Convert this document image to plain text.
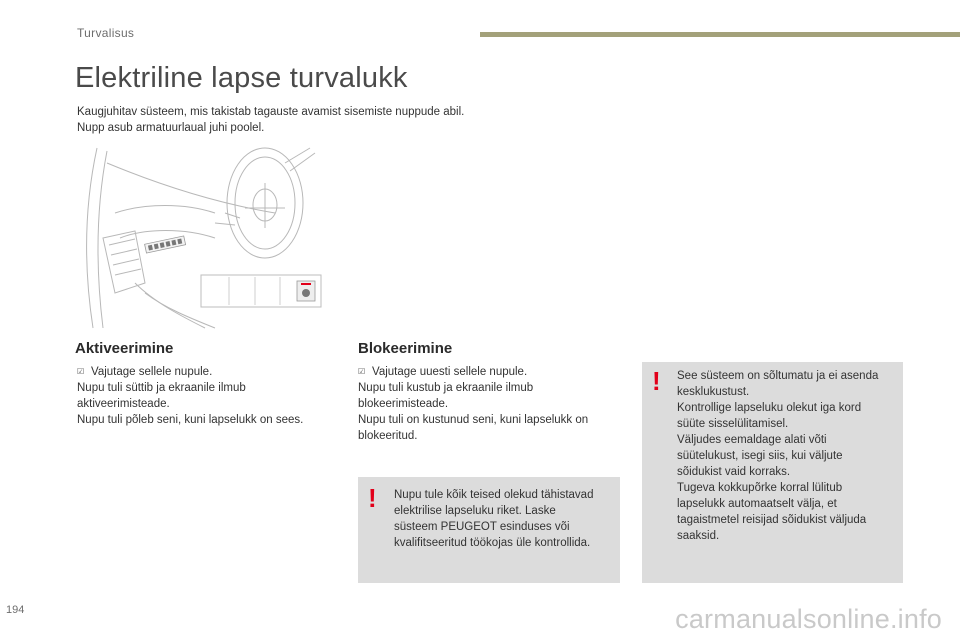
Turvalisus
Elektriline lapse turvalukk

Kaugjuhitav süsteem, mis takistab tagauste avamist sisemiste nuppude abil.

Nupp asub armatuurlaual juhi poolel.

Aktiveerimine

☑ Vajutage sellele nupule.

Nupu tuli süttib ja ekraanile ilmub

aktiveerimisteade.

Nupu tuli põleb seni, kuni lapselukk on sees.

Blokeerimine

☑ Vajutage uuesti sellele nupule.

Nupu tuli kustub ja ekraanile ilmub

blokeerimisteade.

Nupu tuli on kustunud seni, kuni lapselukk on

blokeeritud.

! Nupu tule kõik teised olekud tähistavad

elektrilise lapseluku riket. Laske

süsteem PEUGEOT esinduses või

kvalifitseeritud töökojas üle kontrollida.

! See süsteem on sõltumatu ja ei asenda

kesklukustust.

Kontrollige lapseluku olekut iga kord

süüte sisselülitamisel.

Väljudes eemaldage alati võti

süütelukust, isegi siis, kui väljute

sõidukist vaid korraks.

Tugeva kokkupõrke korral lülitub

lapselukk automaatselt välja, et

tagaistmetel reisijad sõidukist väljuda

saaksid.

194	carmanualsonline.info
